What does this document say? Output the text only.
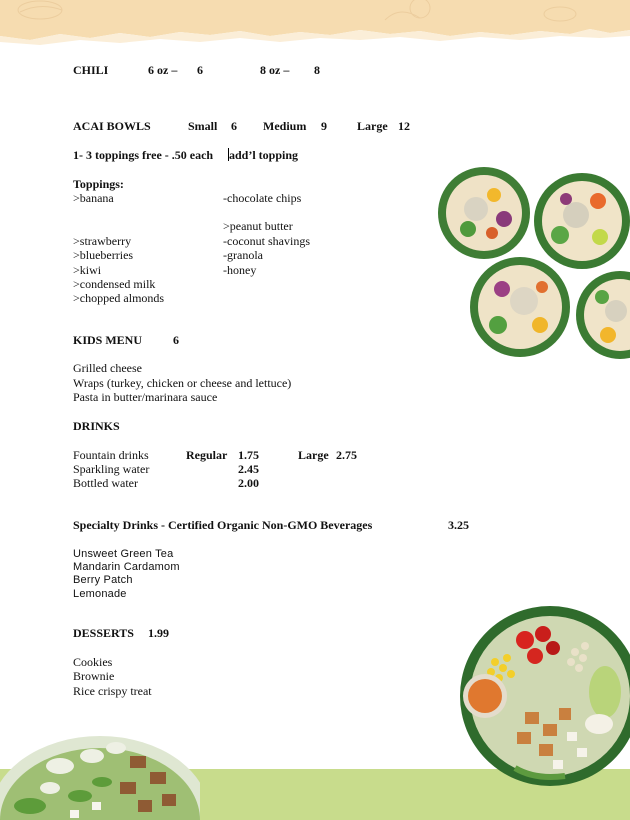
CHILI	6 oz – 6	8 oz – 8
ACAI BOWLS	Small 6 Medium 9	Large 12
1- 3 toppings free - .50 each add’l topping
Toppings:
>banana
>strawberry
>blueberries
>kiwi
>condensed milk
>chopped almonds
-chocolate chips
>peanut butter
-coconut shavings
-granola
-honey
KIDS MENU	6
Grilled cheese
Wraps (turkey, chicken or cheese and lettuce)
Pasta in butter/marinara sauce
DRINKS
Fountain drinks	Regular 1.75	Large 2.75
Sparkling water	2.45
Bottled water	2.00
Specialty Drinks - Certified Organic Non-GMO Beverages	3.25
Unsweet Green Tea
Mandarin Cardamom
Berry Patch
Lemonade
DESSERTS 1.99
Cookies
Brownie
Rice crispy treat
